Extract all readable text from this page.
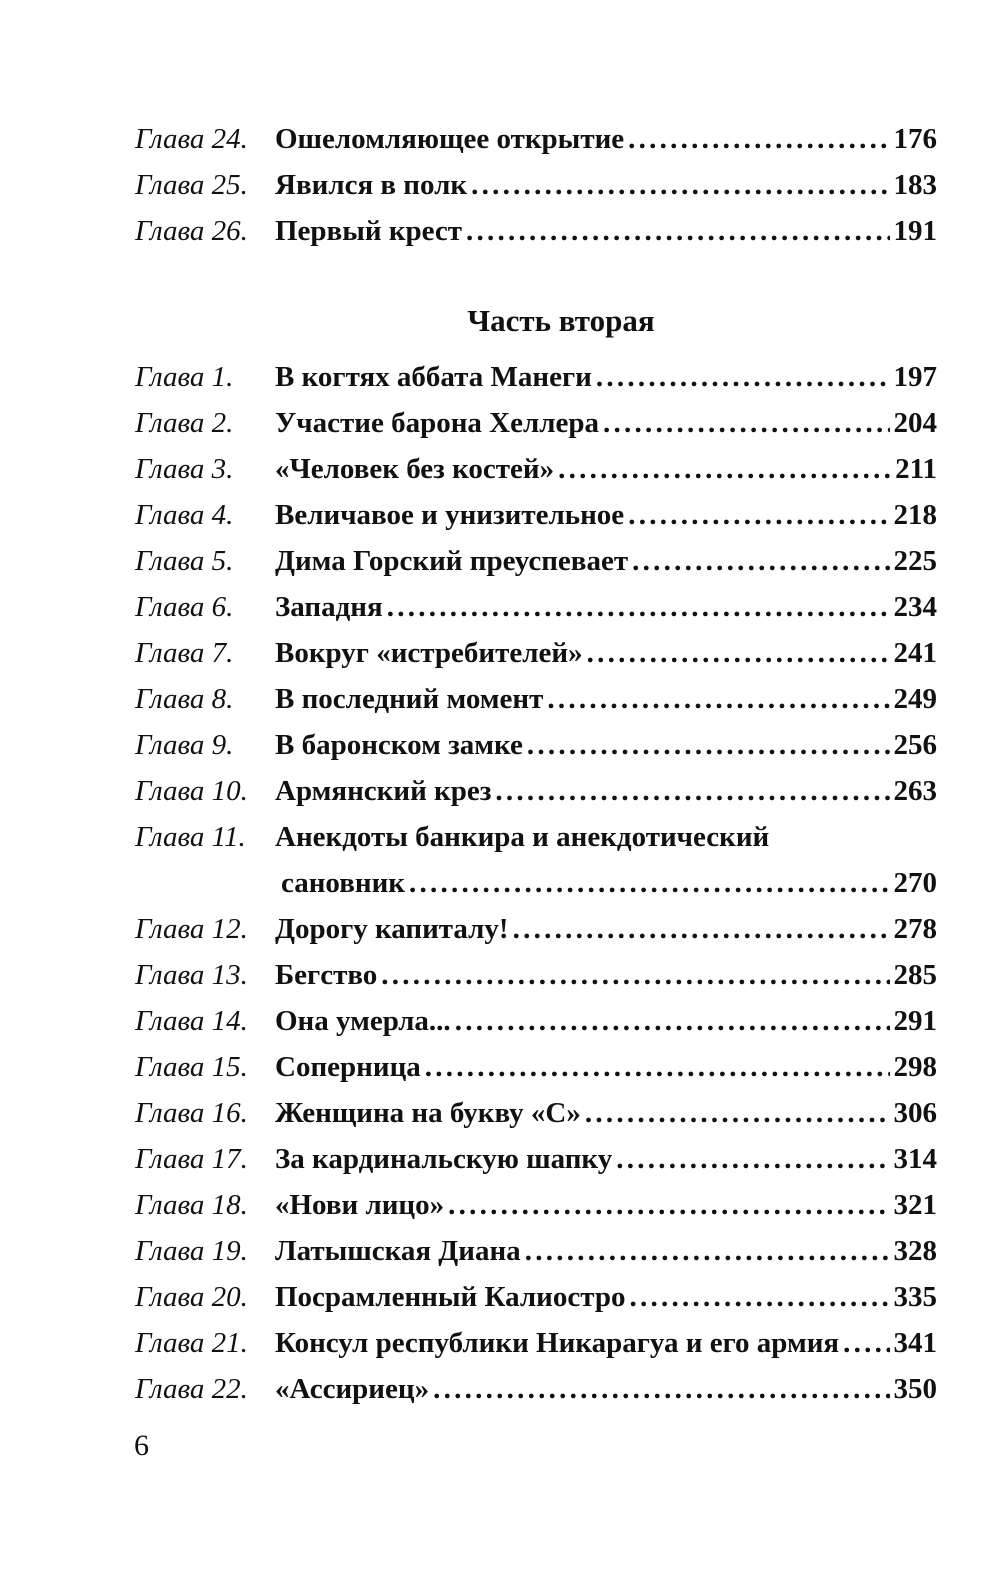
Глава 24. Ошеломляющее открытие . . .	176
Глава 25. Явился в полк . . .	183
Глава 26. Первый крест . . .	191
Часть вторая
Глава 1.	В когтях аббата Манеги . . .	197
Глава 2.	Участие барона Хеллера . . .	204
Глава 3.	«Человек без костей» . . .	211
Глава 4.	Величавое и унизительное . . .	218
Глава 5.	Дима Горский преуспевает . . .	225
Глава 6.	Западня . . .	234
Глава 7.	Вокруг «истребителей» . . .	241
Глава 8.	В последний момент . . .	249
Глава 9.	В баронском замке . . .	256
Глава 10. Армянский крез . . .	263
Глава 11.	Анекдоты банкира и анекдотический
сановник . . .	270
Глава 12. Дорогу капиталу! . . .	278
Глава 13. Бегство . . .	285
Глава 14. Она умерла... . . .	291
Глава 15. Соперница . . .	298
Глава 16. Женщина на букву «С» . . .	306
Глава 17. За кардинальскую шапку . . .	314
Глава 18. «Нови лицо» . . .	321
Глава 19. Латышская Диана . . .	328
Глава 20. Посрамленный Калиостро . . .	335
Глава 21. Консул республики Никарагуа и его армия . . . 341
Глава 22. «Ассириец» . . .	350
6
